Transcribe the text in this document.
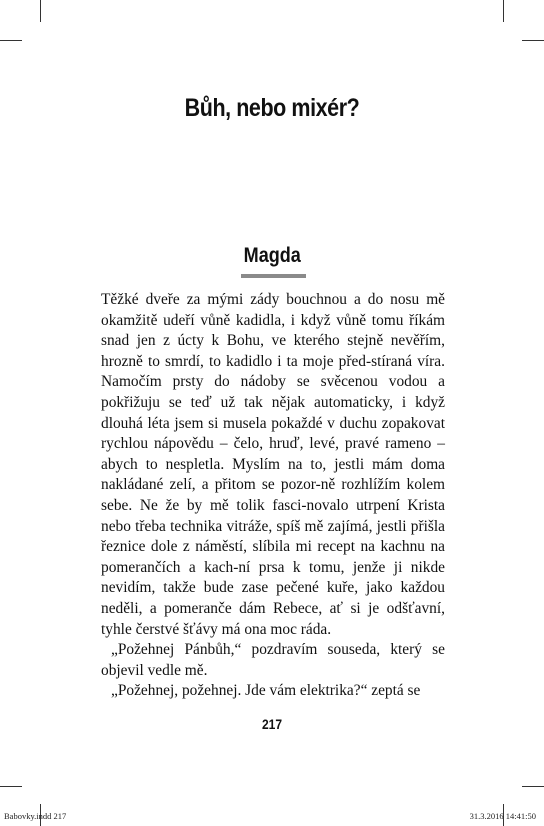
Bůh, nebo mixér?
Magda

Těžké dveře za mými zády bouchnou a do nosu mě okamžitě udeří vůně kadidla, i když vůně tomu říkám snad jen z úcty k Bohu, ve kterého stejně nevěřím, hrozně to smrdí, to kadidlo i ta moje před-stíraná víra. Namočím prsty do nádoby se svěcenou vodou a pokřižuju se teď už tak nějak automaticky, i když dlouhá léta jsem si musela pokaždé v duchu zopakovat rychlou nápovědu – čelo, hruď, levé, pravé rameno – abych to nespletla. Myslím na to, jestli mám doma nakládané zelí, a přitom se pozor-ně rozhlížím kolem sebe. Ne že by mě tolik fasci-novalo utrpení Krista nebo třeba technika vitráže, spíš mě zajímá, jestli přišla řeznice dole z náměstí, slíbila mi recept na kachnu na pomerančích a kach-ní prsa k tomu, jenže ji nikde nevidím, takže bude zase pečené kuře, jako každou neděli, a pomeranče dám Rebece, ať si je odšťavní, tyhle čerstvé šťávy má ona moc ráda.

„Požehnej Pánbůh,“ pozdravím souseda, který se objevil vedle mě.

„Požehnej, požehnej. Jde vám elektrika?“ zeptá se

217
Babovky.indd 217	31.3.2016 14:41:50
